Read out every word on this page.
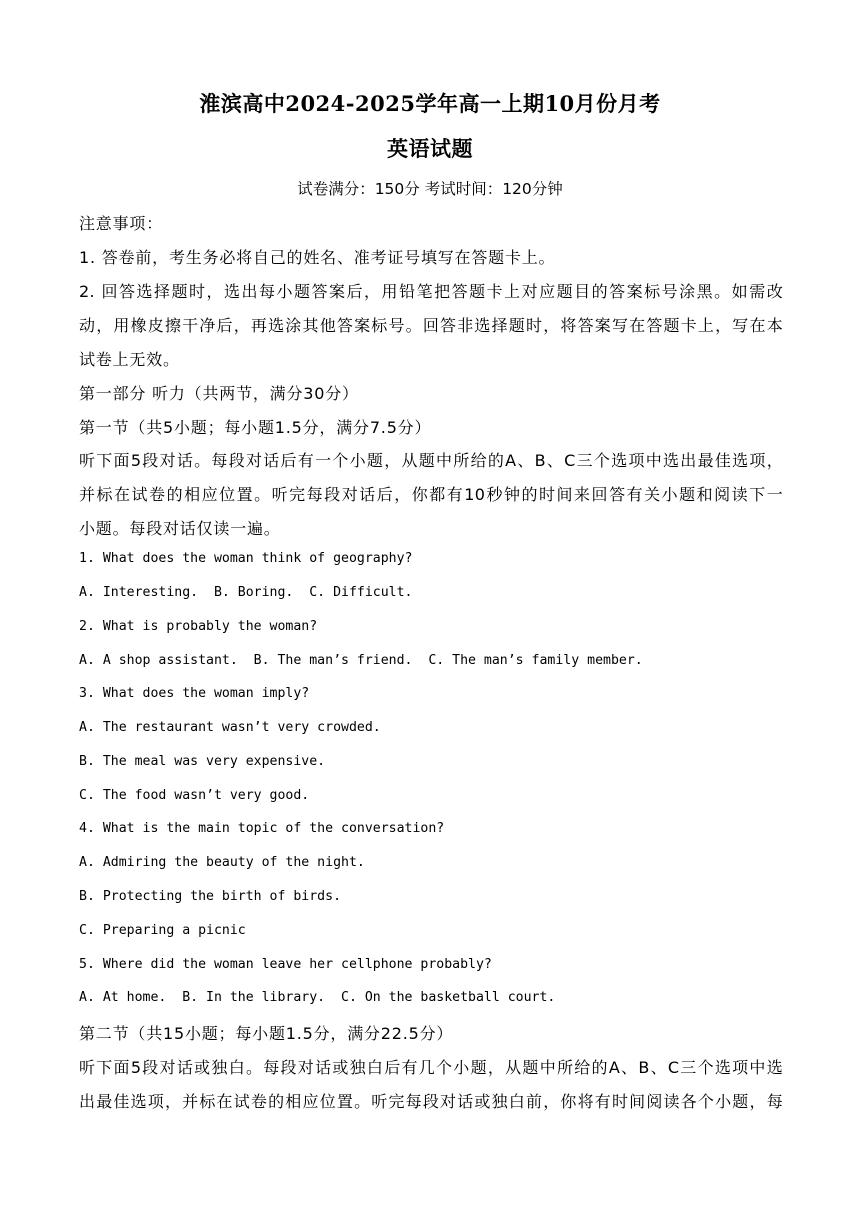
淮滨高中2024-2025学年高一上期10月份月考
英语试题
试卷满分：150分 考试时间：120分钟
注意事项：
1. 答卷前，考生务必将自己的姓名、准考证号填写在答题卡上。
2. 回答选择题时，选出每小题答案后，用铅笔把答题卡上对应题目的答案标号涂黑。如需改
动，用橡皮擦干净后，再选涂其他答案标号。回答非选择题时，将答案写在答题卡上，写在本
试卷上无效。
第一部分 听力（共两节，满分30分）
第一节（共5小题；每小题1.5分，满分7.5分）
听下面5段对话。每段对话后有一个小题，从题中所给的A、B、C三个选项中选出最佳选项，
并标在试卷的相应位置。听完每段对话后，你都有10秒钟的时间来回答有关小题和阅读下一
小题。每段对话仅读一遍。
1. What does the woman think of geography?
A. Interesting.  B. Boring.  C. Difficult.
2. What is probably the woman?
A. A shop assistant.  B. The man’s friend.  C. The man’s family member.
3. What does the woman imply?
A. The restaurant wasn’t very crowded.
B. The meal was very expensive.
C. The food wasn’t very good.
4. What is the main topic of the conversation?
A. Admiring the beauty of the night.
B. Protecting the birth of birds.
C. Preparing a picnic
5. Where did the woman leave her cellphone probably?
A. At home.  B. In the library.  C. On the basketball court.
第二节（共15小题；每小题1.5分，满分22.5分）
听下面5段对话或独白。每段对话或独白后有几个小题，从题中所给的A、B、C三个选项中选
出最佳选项，并标在试卷的相应位置。听完每段对话或独白前，你将有时间阅读各个小题，每
